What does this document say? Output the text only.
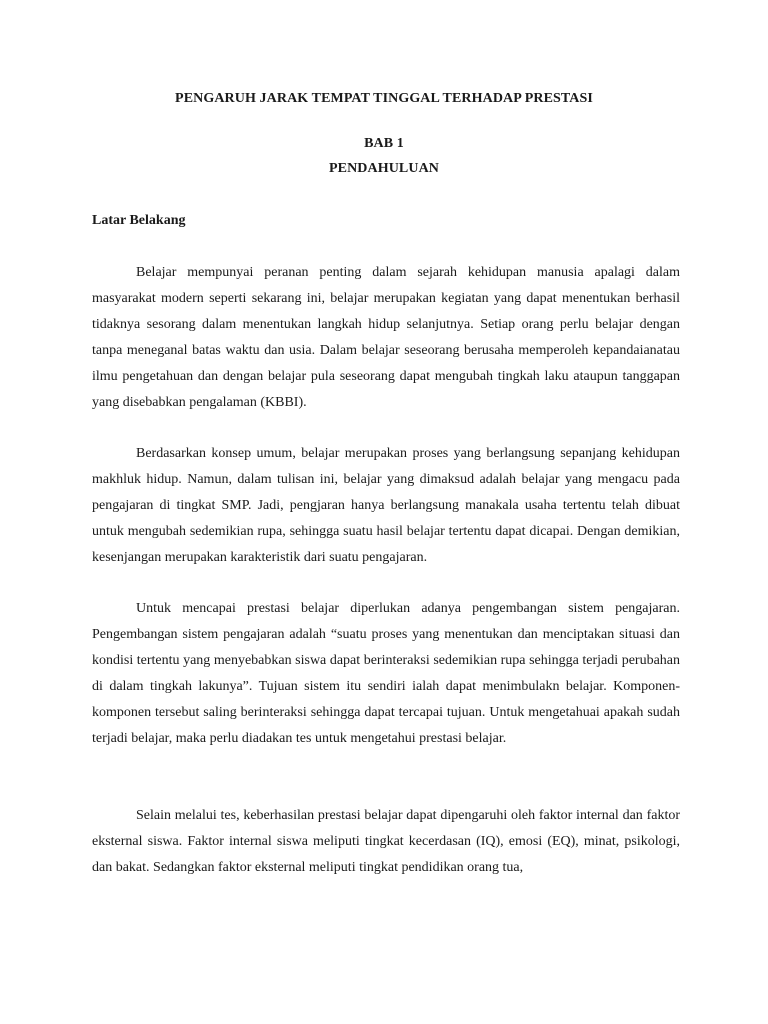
PENGARUH JARAK TEMPAT TINGGAL TERHADAP PRESTASI
BAB 1
PENDAHULUAN
Latar Belakang

Belajar mempunyai peranan penting dalam sejarah kehidupan manusia apalagi dalam masyarakat modern seperti sekarang ini, belajar merupakan kegiatan yang dapat menentukan berhasil tidaknya sesorang dalam menentukan langkah hidup selanjutnya. Setiap orang perlu belajar dengan tanpa meneganal batas waktu dan usia. Dalam belajar seseorang berusaha memperoleh kepandaianatau ilmu pengetahuan dan dengan belajar pula seseorang dapat mengubah tingkah laku ataupun tanggapan yang disebabkan pengalaman (KBBI).

Berdasarkan konsep umum, belajar merupakan proses yang berlangsung sepanjang kehidupan makhluk hidup. Namun, dalam tulisan ini, belajar yang dimaksud adalah belajar yang mengacu pada pengajaran di tingkat SMP. Jadi, pengjaran hanya berlangsung manakala usaha tertentu telah dibuat untuk mengubah sedemikian rupa, sehingga suatu hasil belajar tertentu dapat dicapai. Dengan demikian, kesenjangan merupakan karakteristik dari suatu pengajaran.

Untuk mencapai prestasi belajar diperlukan adanya pengembangan sistem pengajaran. Pengembangan sistem pengajaran adalah “suatu proses yang menentukan dan menciptakan situasi dan kondisi tertentu yang menyebabkan siswa dapat berinteraksi sedemikian rupa sehingga terjadi perubahan di dalam tingkah lakunya”. Tujuan sistem itu sendiri ialah dapat menimbulakn belajar. Komponen-komponen tersebut saling berinteraksi sehingga dapat tercapai tujuan. Untuk mengetahuai apakah sudah terjadi belajar, maka perlu diadakan tes untuk mengetahui prestasi belajar.

Selain melalui tes, keberhasilan prestasi belajar dapat dipengaruhi oleh faktor internal dan faktor eksternal siswa. Faktor internal siswa meliputi tingkat kecerdasan (IQ), emosi (EQ), minat, psikologi, dan bakat. Sedangkan faktor eksternal meliputi tingkat pendidikan orang tua,
